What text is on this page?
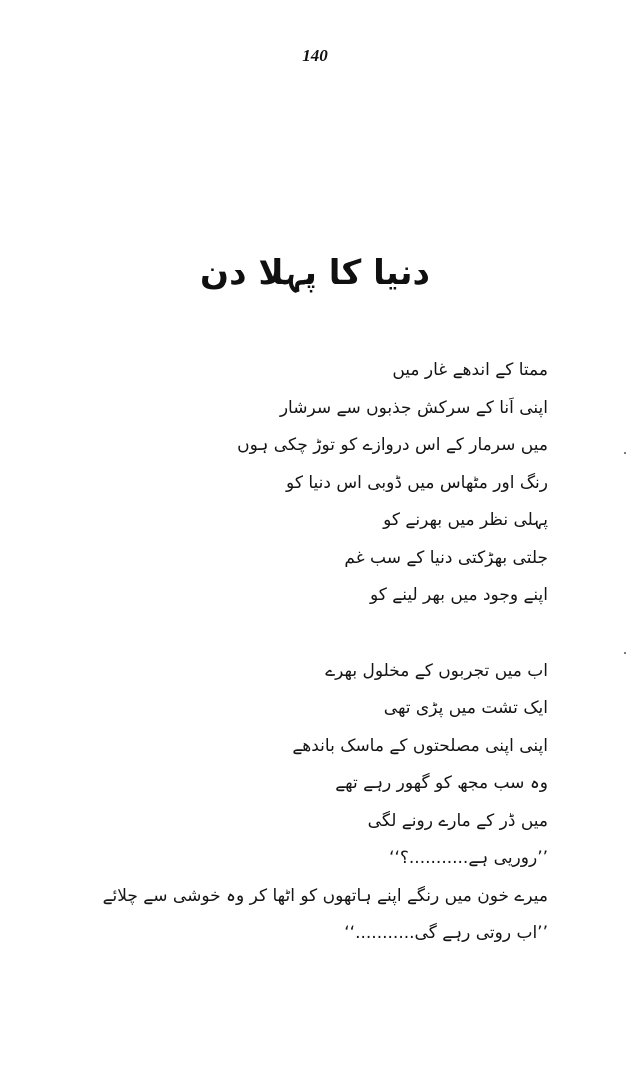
140
دنیا کا پہلا دن
ممتا کے اندھے غار میں
اپنی اَنا کے سرکش جذبوں سے سرشار
میں سرمار کے اس دروازے کو توڑ چکی ہوں
رنگ اور مٹھاس میں ڈوبی اس دنیا کو
پہلی نظر میں بھرنے کو
جلتی بھڑکتی دنیا کے سب غم
اپنے وجود میں بھر لینے کو
اب میں تجربوں کے مخلول بھرے
ایک تشت میں پڑی تھی
اپنی اپنی مصلحتوں کے ماسک باندھے
وہ سب مجھ کو گھور رہے تھے
میں ڈر کے مارے رونے لگی
’’روریی ہے...........؟‘‘
میرے خون میں رنگے اپنے ہاتھوں کو اٹھا کر وہ خوشی سے چلائے
’’اب روتی رہے گی...........‘‘
